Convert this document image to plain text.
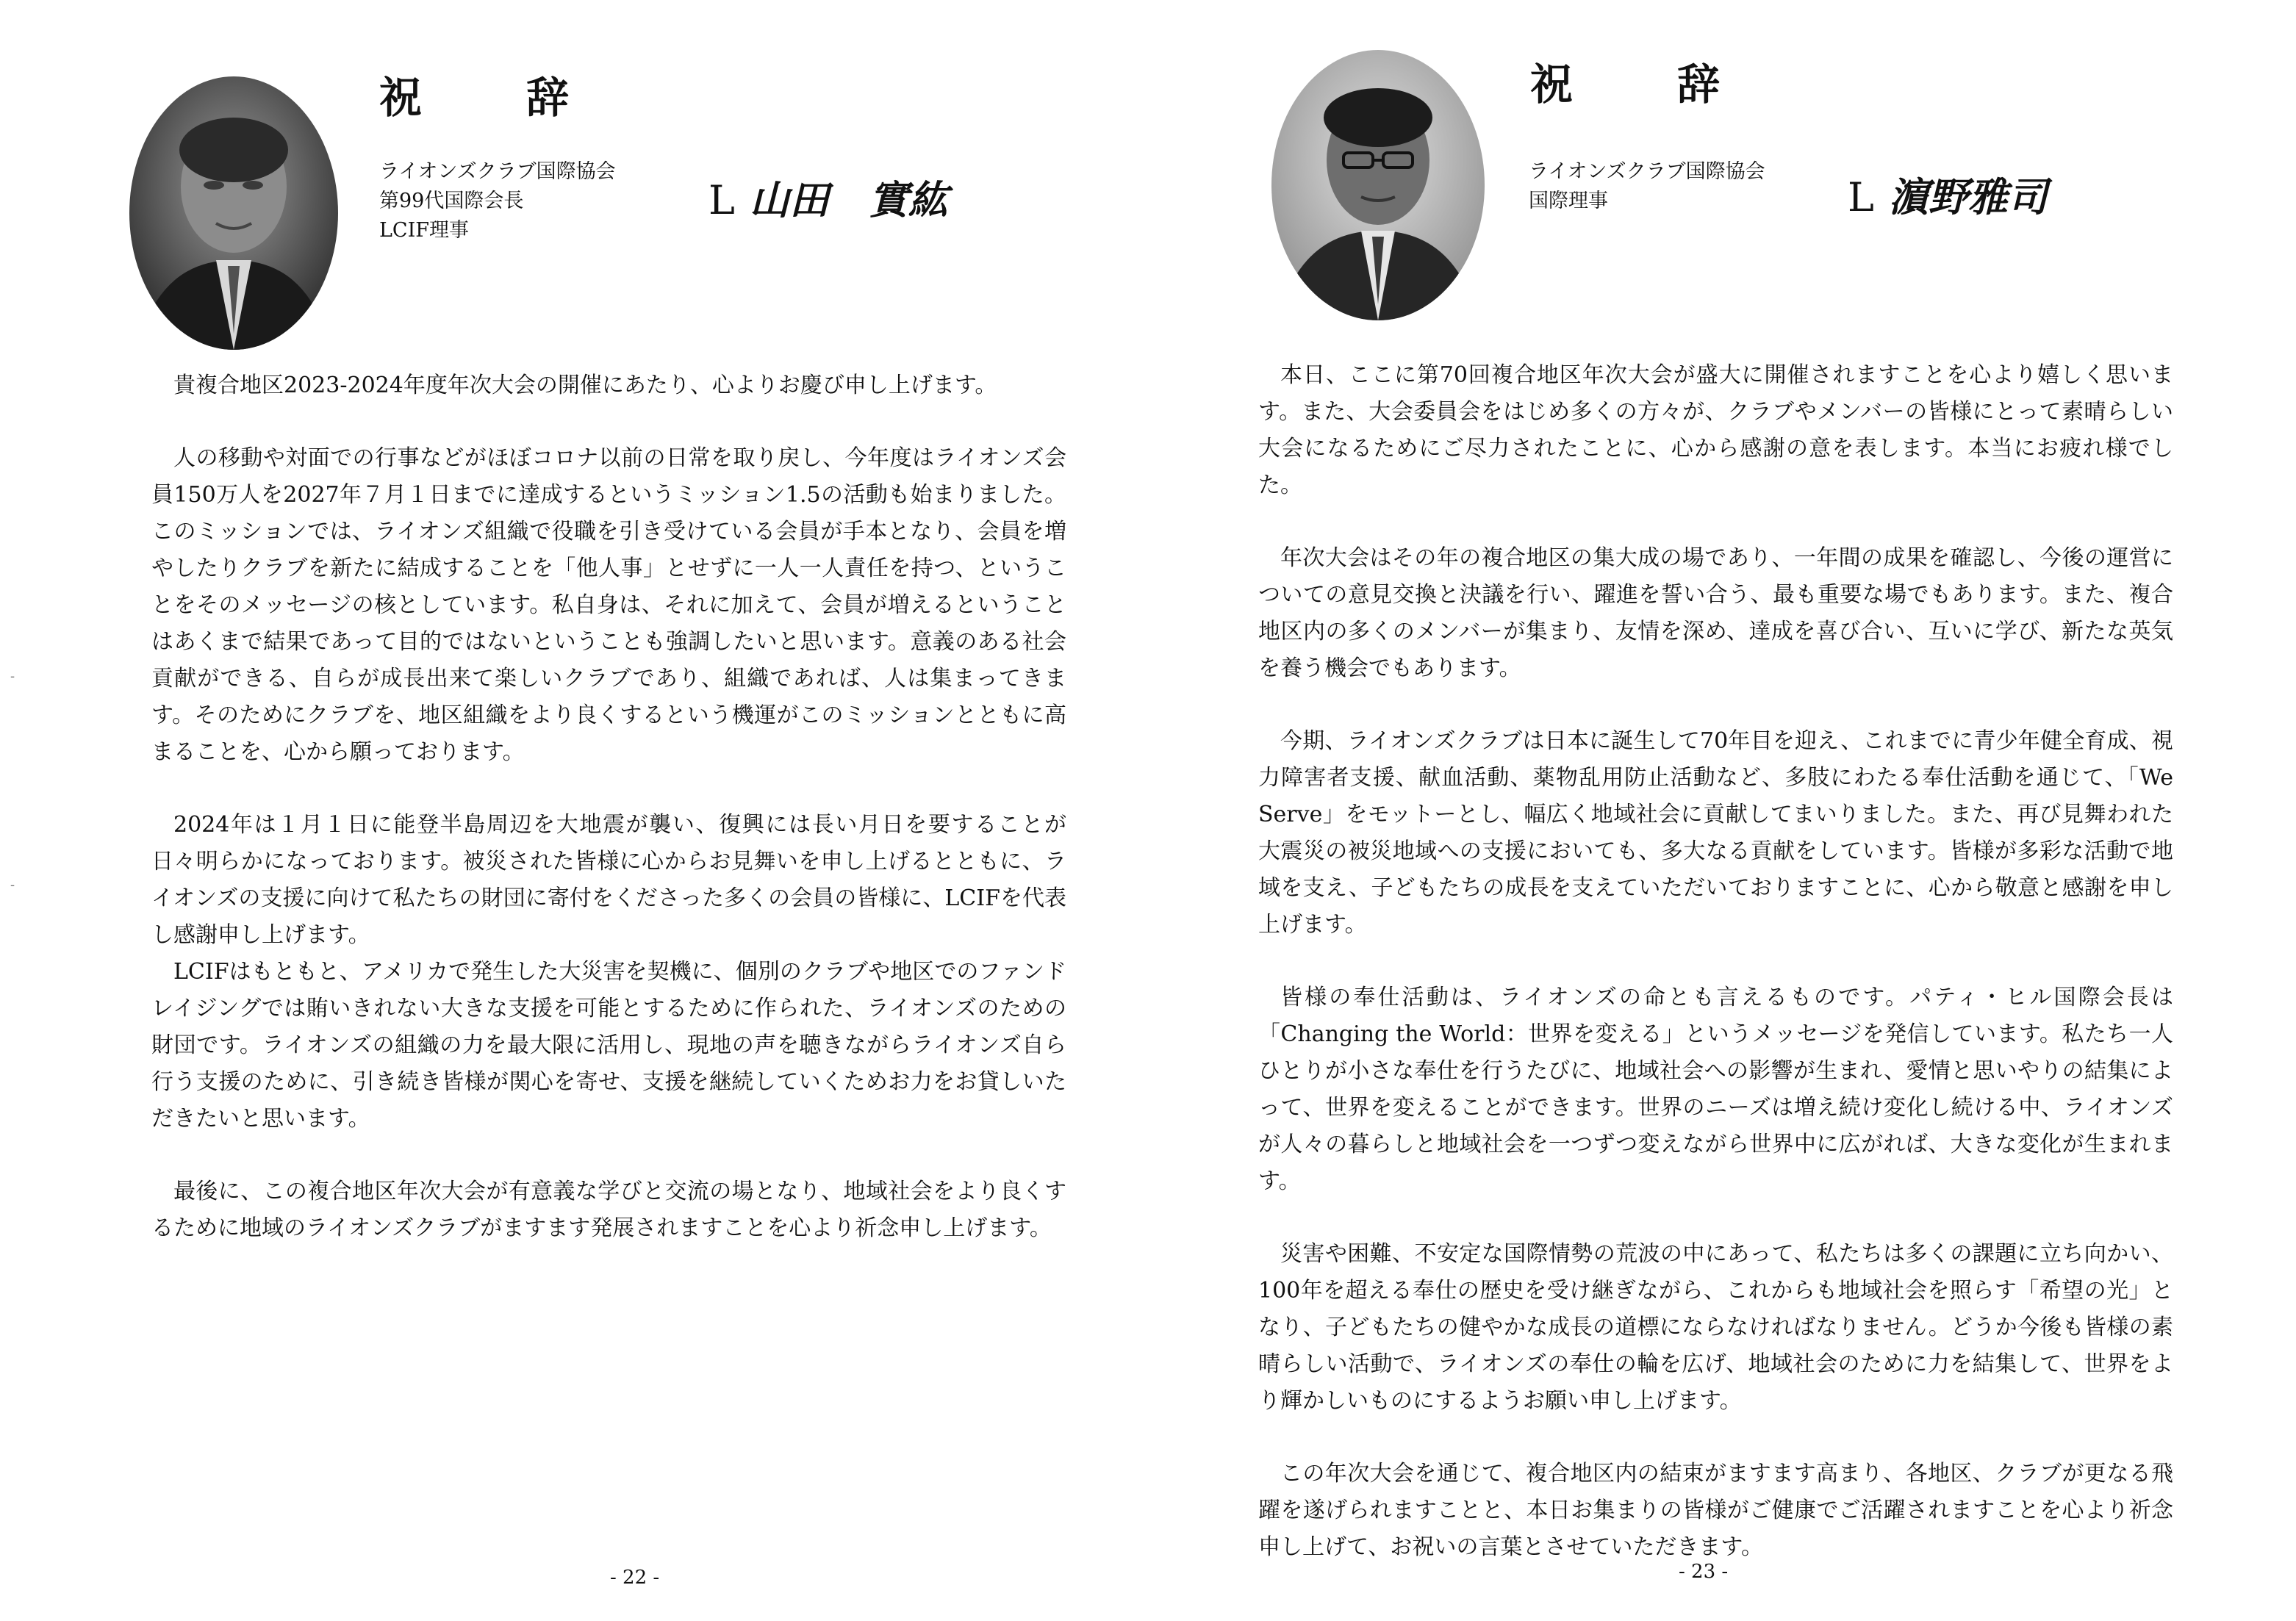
祝　辞
ライオンズクラブ国際協会
第99代国際会長
LCIF理事
L 山田　實紘

貴複合地区2023-2024年度年次大会の開催にあたり、心よりお慶び申し上げます。

人の移動や対面での行事などがほぼコロナ以前の日常を取り戻し、今年度はライオンズ会員150万人を2027年７月１日までに達成するというミッション1.5の活動も始まりました。このミッションでは、ライオンズ組織で役職を引き受けている会員が手本となり、会員を増やしたりクラブを新たに結成することを「他人事」とせずに一人一人責任を持つ、ということをそのメッセージの核としています。私自身は、それに加えて、会員が増えるということはあくまで結果であって目的ではないということも強調したいと思います。意義のある社会貢献ができる、自らが成長出来て楽しいクラブであり、組織であれば、人は集まってきます。そのためにクラブを、地区組織をより良くするという機運がこのミッションとともに高まることを、心から願っております。

2024年は１月１日に能登半島周辺を大地震が襲い、復興には長い月日を要することが日々明らかになっております。被災された皆様に心からお見舞いを申し上げるとともに、ライオンズの支援に向けて私たちの財団に寄付をくださった多くの会員の皆様に、LCIFを代表し感謝申し上げます。

LCIFはもともと、アメリカで発生した大災害を契機に、個別のクラブや地区でのファンドレイジングでは賄いきれない大きな支援を可能とするために作られた、ライオンズのための財団です。ライオンズの組織の力を最大限に活用し、現地の声を聴きながらライオンズ自ら行う支援のために、引き続き皆様が関心を寄せ、支援を継続していくためお力をお貸しいただきたいと思います。

最後に、この複合地区年次大会が有意義な学びと交流の場となり、地域社会をより良くするために地域のライオンズクラブがますます発展されますことを心より祈念申し上げます。

- 22 -
-
-
祝　辞
ライオンズクラブ国際協会
国際理事	L 濵野雅司

本日、ここに第70回複合地区年次大会が盛大に開催されますことを心より嬉しく思います。また、大会委員会をはじめ多くの方々が、クラブやメンバーの皆様にとって素晴らしい大会になるためにご尽力されたことに、心から感謝の意を表します。本当にお疲れ様でした。

年次大会はその年の複合地区の集大成の場であり、一年間の成果を確認し、今後の運営についての意見交換と決議を行い、躍進を誓い合う、最も重要な場でもあります。また、複合地区内の多くのメンバーが集まり、友情を深め、達成を喜び合い、互いに学び、新たな英気を養う機会でもあります。

今期、ライオンズクラブは日本に誕生して70年目を迎え、これまでに青少年健全育成、視力障害者支援、献血活動、薬物乱用防止活動など、多肢にわたる奉仕活動を通じて、「We Serve」をモットーとし、幅広く地域社会に貢献してまいりました。また、再び見舞われた大震災の被災地域への支援においても、多大なる貢献をしています。皆様が多彩な活動で地域を支え、子どもたちの成長を支えていただいておりますことに、心から敬意と感謝を申し上げます。

皆様の奉仕活動は、ライオンズの命とも言えるものです。パティ・ヒル国際会長は「Changing the World：世界を変える」というメッセージを発信しています。私たち一人ひとりが小さな奉仕を行うたびに、地域社会への影響が生まれ、愛情と思いやりの結集によって、世界を変えることができます。世界のニーズは増え続け変化し続ける中、ライオンズが人々の暮らしと地域社会を一つずつ変えながら世界中に広がれば、大きな変化が生まれます。

災害や困難、不安定な国際情勢の荒波の中にあって、私たちは多くの課題に立ち向かい、100年を超える奉仕の歴史を受け継ぎながら、これからも地域社会を照らす「希望の光」となり、子どもたちの健やかな成長の道標にならなければなりません。どうか今後も皆様の素晴らしい活動で、ライオンズの奉仕の輪を広げ、地域社会のために力を結集して、世界をより輝かしいものにするようお願い申し上げます。

この年次大会を通じて、複合地区内の結束がますます高まり、各地区、クラブが更なる飛躍を遂げられますことと、本日お集まりの皆様がご健康でご活躍されますことを心より祈念申し上げて、お祝いの言葉とさせていただきます。

- 23 -
